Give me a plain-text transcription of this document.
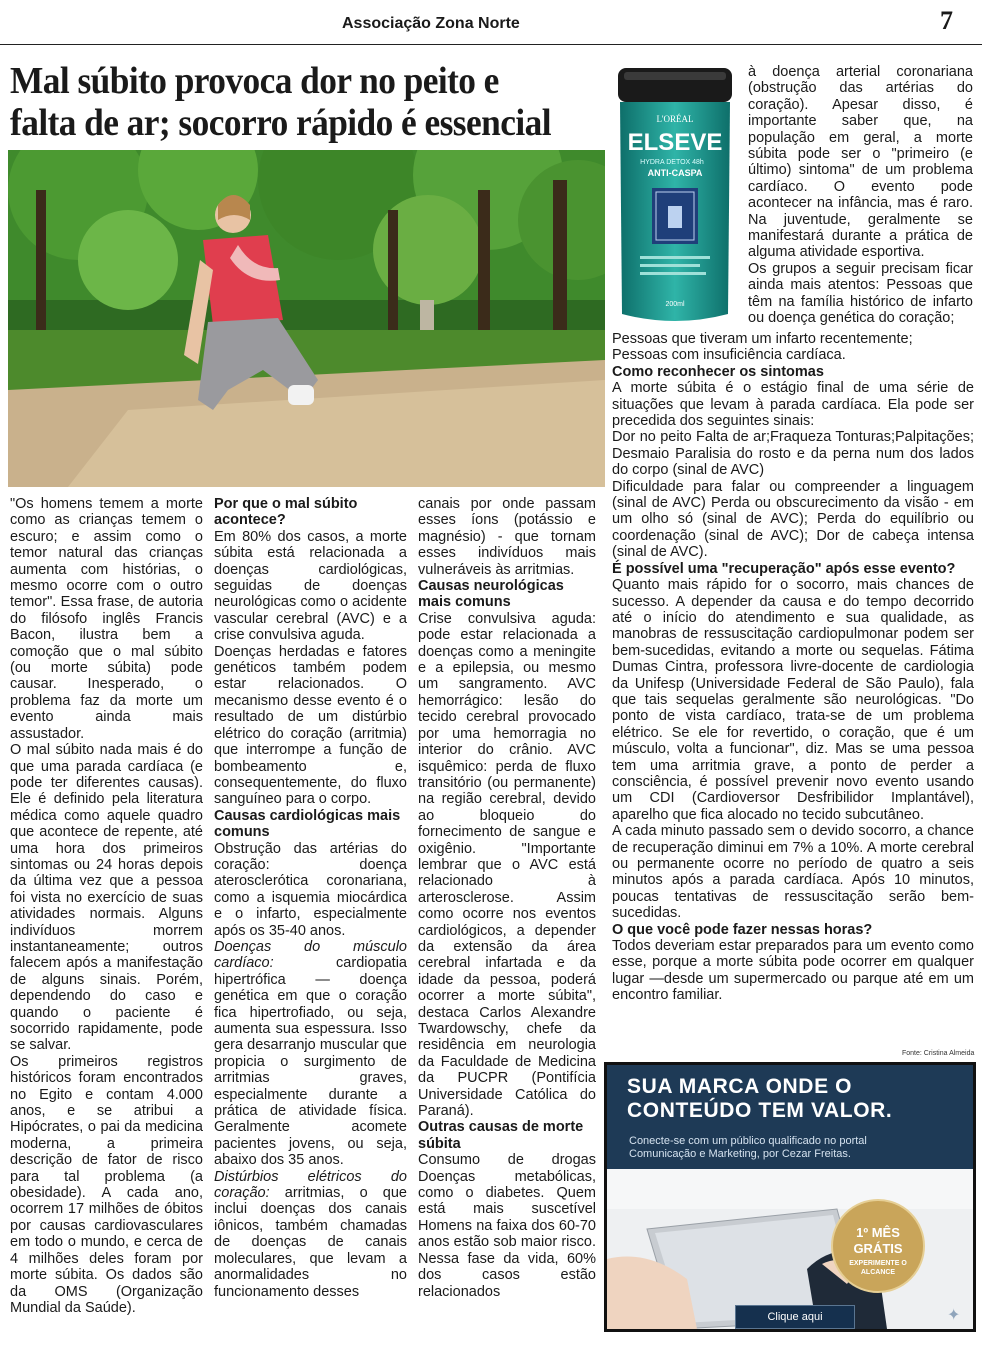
Associação Zona Norte	7
Mal súbito provoca dor no peito e falta de ar; socorro rápido é essencial

"Os homens temem a morte como as crianças temem o escuro; e assim como o temor natural das crianças aumenta com histórias, o mesmo ocorre com o outro temor". Essa frase, de autoria do filósofo inglês Francis Bacon, ilustra bem a comoção que o mal súbito (ou morte súbita) pode causar. Inesperado, o problema faz da morte um evento ainda mais assustador.

O mal súbito nada mais é do que uma parada cardíaca (e pode ter diferentes causas). Ele é definido pela literatura médica como aquele quadro que acontece de repente, até uma hora dos primeiros sintomas ou 24 horas depois da última vez que a pessoa foi vista no exercício de suas atividades normais. Alguns indivíduos morrem instantaneamente; outros falecem após a manifestação de alguns sinais. Porém, dependendo do caso e quando o paciente é socorrido rapidamente, pode se salvar.

Os primeiros registros históricos foram encontrados no Egito e contam 4.000 anos, e se atribui a Hipócrates, o pai da medicina moderna, a primeira descrição de fator de risco para tal problema (a obesidade). A cada ano, ocorrem 17 milhões de óbitos por causas cardiovasculares em todo o mundo, e cerca de 4 milhões deles foram por morte súbita. Os dados são da OMS (Organização Mundial da Saúde).

Por que o mal súbito acontece?

Em 80% dos casos, a morte súbita está relacionada a doenças cardiológicas, seguidas de doenças neurológicas como o acidente vascular cerebral (AVC) e a crise convulsiva aguda.

Doenças herdadas e fatores genéticos também podem estar relacionados. O mecanismo desse evento é o resultado de um distúrbio elétrico do coração (arritmia) que interrompe a função de bombeamento e, consequentemente, do fluxo sanguíneo para o corpo.

Causas cardiológicas mais comuns

Obstrução das artérias do coração: doença aterosclerótica coronariana, como a isquemia miocárdica e o infarto, especialmente após os 35-40 anos.

Doenças do músculo cardíaco: cardiopatia hipertrófica — doença genética em que o coração fica hipertrofiado, ou seja, aumenta sua espessura. Isso gera desarranjo muscular que propicia o surgimento de arritmias graves, especialmente durante a prática de atividade física. Geralmente acomete pacientes jovens, ou seja, abaixo dos 35 anos.

Distúrbios elétricos do coração: arritmias, o que inclui doenças dos canais iônicos, também chamadas de doenças de canais moleculares, que levam a anormalidades no funcionamento desses

canais por onde passam esses íons (potássio e magnésio) - que tornam esses indivíduos mais vulneráveis às arritmias.

Causas neurológicas mais comuns

Crise convulsiva aguda: pode estar relacionada a doenças como a meningite e a epilepsia, ou mesmo um sangramento. AVC hemorrágico: lesão do tecido cerebral provocado por uma hemorragia no interior do crânio. AVC isquêmico: perda de fluxo transitório (ou permanente) na região cerebral, devido ao bloqueio do fornecimento de sangue e oxigênio. "Importante lembrar que o AVC está relacionado à arterosclerose. Assim como ocorre nos eventos cardiológicos, a depender da extensão da área cerebral infartada e da idade da pessoa, poderá ocorrer a morte súbita", destaca Carlos Alexandre Twardowschy, chefe da residência em neurologia da Faculdade de Medicina da PUCPR (Pontifícia Universidade Católica do Paraná).

Outras causas de morte súbita

Consumo de drogas Doenças metabólicas, como o diabetes. Quem está mais suscetível Homens na faixa dos 60-70 anos estão sob maior risco. Nessa fase da vida, 60% dos casos estão relacionados

L'ORÉAL
ELSEVE
HYDRA DETOX 48h
ANTI-CASPA
200ml

à doença arterial coronariana (obstrução das artérias do coração). Apesar disso, é importante saber que, na população em geral, a morte súbita pode ser o "primeiro (e último) sintoma" de um problema cardíaco. O evento pode acontecer na infância, mas é raro. Na juventude, geralmente se manifestará durante a prática de alguma atividade esportiva.

Os grupos a seguir precisam ficar ainda mais atentos: Pessoas que têm na família histórico de infarto ou doença genética do coração;

Pessoas que tiveram um infarto recentemente;

Pessoas com insuficiência cardíaca.

Como reconhecer os sintomas

A morte súbita é o estágio final de uma série de situações que levam à parada cardíaca. Ela pode ser precedida dos seguintes sinais:

Dor no peito Falta de ar;Fraqueza Tonturas;Palpitações; Desmaio Paralisia do rosto e da perna num dos lados do corpo (sinal de AVC)

Dificuldade para falar ou compreender a linguagem (sinal de AVC) Perda ou obscurecimento da visão - em um olho só (sinal de AVC); Perda do equilíbrio ou coordenação (sinal de AVC); Dor de cabeça intensa (sinal de AVC).

É possível uma "recuperação" após esse evento?

Quanto mais rápido for o socorro, mais chances de sucesso. A depender da causa e do tempo decorrido até o início do atendimento e sua qualidade, as manobras de ressuscitação cardiopulmonar podem ser bem-sucedidas, evitando a morte ou sequelas. Fátima Dumas Cintra, professora livre-docente de cardiologia da Unifesp (Universidade Federal de São Paulo), fala que tais sequelas geralmente são neurológicas. "Do ponto de vista cardíaco, trata-se de um problema elétrico. Se ele for revertido, o coração, que é um músculo, volta a funcionar", diz. Mas se uma pessoa tem uma arritmia grave, a ponto de perder a consciência, é possível prevenir novo evento usando um CDI (Cardioversor Desfribilidor Implantável), aparelho que fica alocado no tecido subcutâneo.

A cada minuto passado sem o devido socorro, a chance de recuperação diminui em 7% a 10%. A morte cerebral ou permanente ocorre no período de quatro a seis minutos após a parada cardíaca. Após 10 minutos, poucas tentativas de ressuscitação serão bem-sucedidas.

O que você pode fazer nessas horas?

Todos deveriam estar preparados para um evento como esse, porque a morte súbita pode ocorrer em qualquer lugar —desde um supermercado ou parque até em um encontro familiar.

Fonte: Cristina Almeida
SUA MARCA ONDE O
CONTEÚDO TEM VALOR.
Conecte-se com um público qualificado no portal
Comunicação e Marketing, por Cezar Freitas.
1º MÊS
GRÁTIS
EXPERIMENTE O ALCANCE
Clique aqui	✦
